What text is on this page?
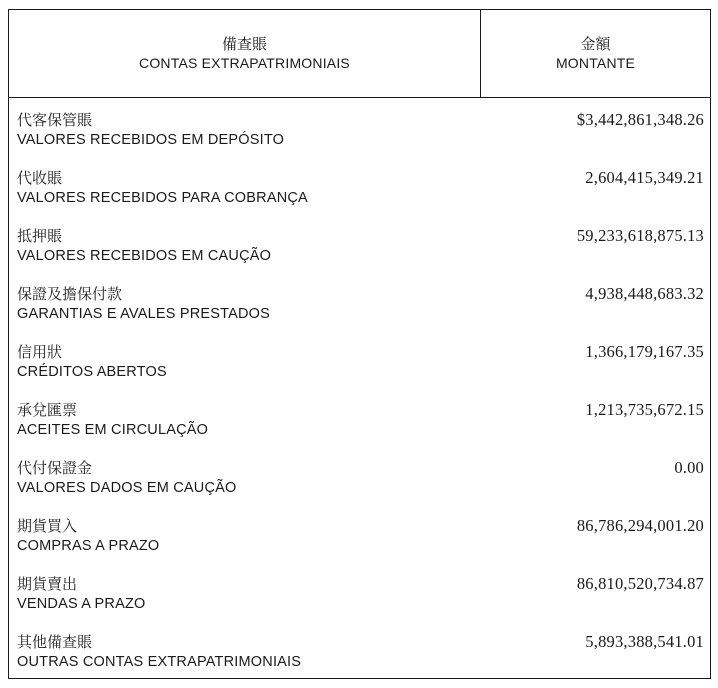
備查賬
CONTAS EXTRAPATRIMONIAIS
金額
MONTANTE
代客保管賬
VALORES RECEBIDOS EM DEPÓSITO
$3,442,861,348.26
代收賬
VALORES RECEBIDOS PARA COBRANÇA
2,604,415,349.21
抵押賬
VALORES RECEBIDOS EM CAUÇÃO
59,233,618,875.13
保證及擔保付款
GARANTIAS E AVALES PRESTADOS
4,938,448,683.32
信用狀
CRÉDITOS ABERTOS
1,366,179,167.35
承兌匯票
ACEITES EM CIRCULAÇÃO
1,213,735,672.15
代付保證金
VALORES DADOS EM CAUÇÃO
0.00
期貨買入
COMPRAS A PRAZO
86,786,294,001.20
期貨賣出
VENDAS A PRAZO
86,810,520,734.87
其他備查賬
OUTRAS CONTAS EXTRAPATRIMONIAIS
5,893,388,541.01
